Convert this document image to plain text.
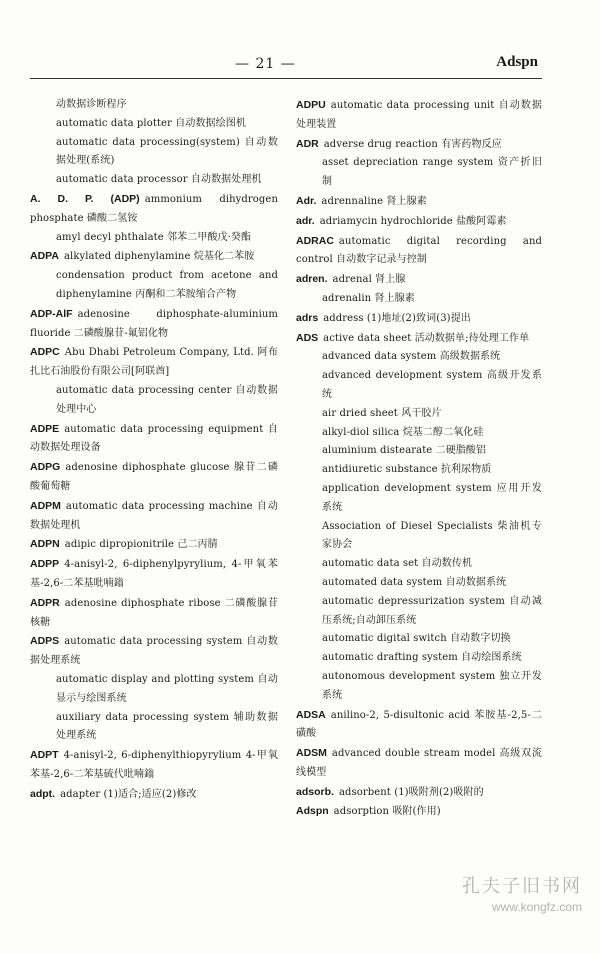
— 21 —	Adspn
动数据诊断程序
automatic data plotter 自动数据绘图机
automatic data processing(system) 自动数据处理(系统)
automatic data processor 自动数据处理机
A. D. P. (ADP) ammonium dihydrogen phosphate 磷酸二氢铵
amyl decyl phthalate 邻苯二甲酸戊·癸酯
ADPA alkylated diphenylamine 烷基化二苯胺
condensation product from acetone and diphenylamine 丙酮和二苯胺缩合产物
ADP-AlF adenosine diphosphate-aluminium fluoride 二磷酸腺苷-氟铝化物
ADPC Abu Dhabi Petroleum Company, Ltd. 阿布扎比石油股份有限公司[阿联酋]
automatic data processing center 自动数据处理中心
ADPE automatic data processing equipment 自动数据处理设备
ADPG adenosine diphosphate glucose 腺苷二磷酸葡萄糖
ADPM automatic data processing machine 自动数据处理机
ADPN adipic dipropionitrile 己二丙腈
ADPP 4-anisyl-2, 6-diphenylpyrylium, 4-甲氧苯基-2,6-二苯基吡喃鎓
ADPR adenosine diphosphate ribose 二磷酸腺苷核糖
ADPS automatic data processing system 自动数据处理系统
automatic display and plotting system 自动显示与绘图系统
auxiliary data processing system 辅助数据处理系统
ADPT 4-anisyl-2, 6-diphenylthiopyrylium 4-甲氧苯基-2,6-二苯基硫代吡喃鎓
adpt. adapter (1)适合;适应(2)修改
ADPU automatic data processing unit 自动数据处理装置
ADR adverse drug reaction 有害药物反应
asset depreciation range system 资产折旧制
Adr. adrennaline 肾上腺素
adr. adriamycin hydrochloride 盐酸阿霉素
ADRAC automatic digital recording and control 自动数字记录与控制
adren. adrenal 肾上腺
adrenalin 肾上腺素
adrs address (1)地址(2)致词(3)提出
ADS active data sheet 活动数据单;待处理工作单
advanced data system 高级数据系统
advanced development system 高级开发系统
air dried sheet 风干胶片
alkyl-diol silica 烷基二醇二氧化硅
aluminium distearate 二硬脂酸铝
antidiuretic substance 抗利尿物质
application development system 应用开发系统
Association of Diesel Specialists 柴油机专家协会
automatic data set 自动数传机
automated data system 自动数据系统
automatic depressurization system 自动减压系统;自动卸压系统
automatic digital switch 自动数字切换
automatic drafting system 自动绘图系统
autonomous development system 独立开发系统
ADSA anilino-2, 5-disultonic acid 苯胺基-2,5-二磺酸
ADSM advanced double stream model 高级双流线模型
adsorb. adsorbent (1)吸附剂(2)吸附的
Adspn adsorption 吸附(作用)
孔夫子旧书网
www.kongfz.com
